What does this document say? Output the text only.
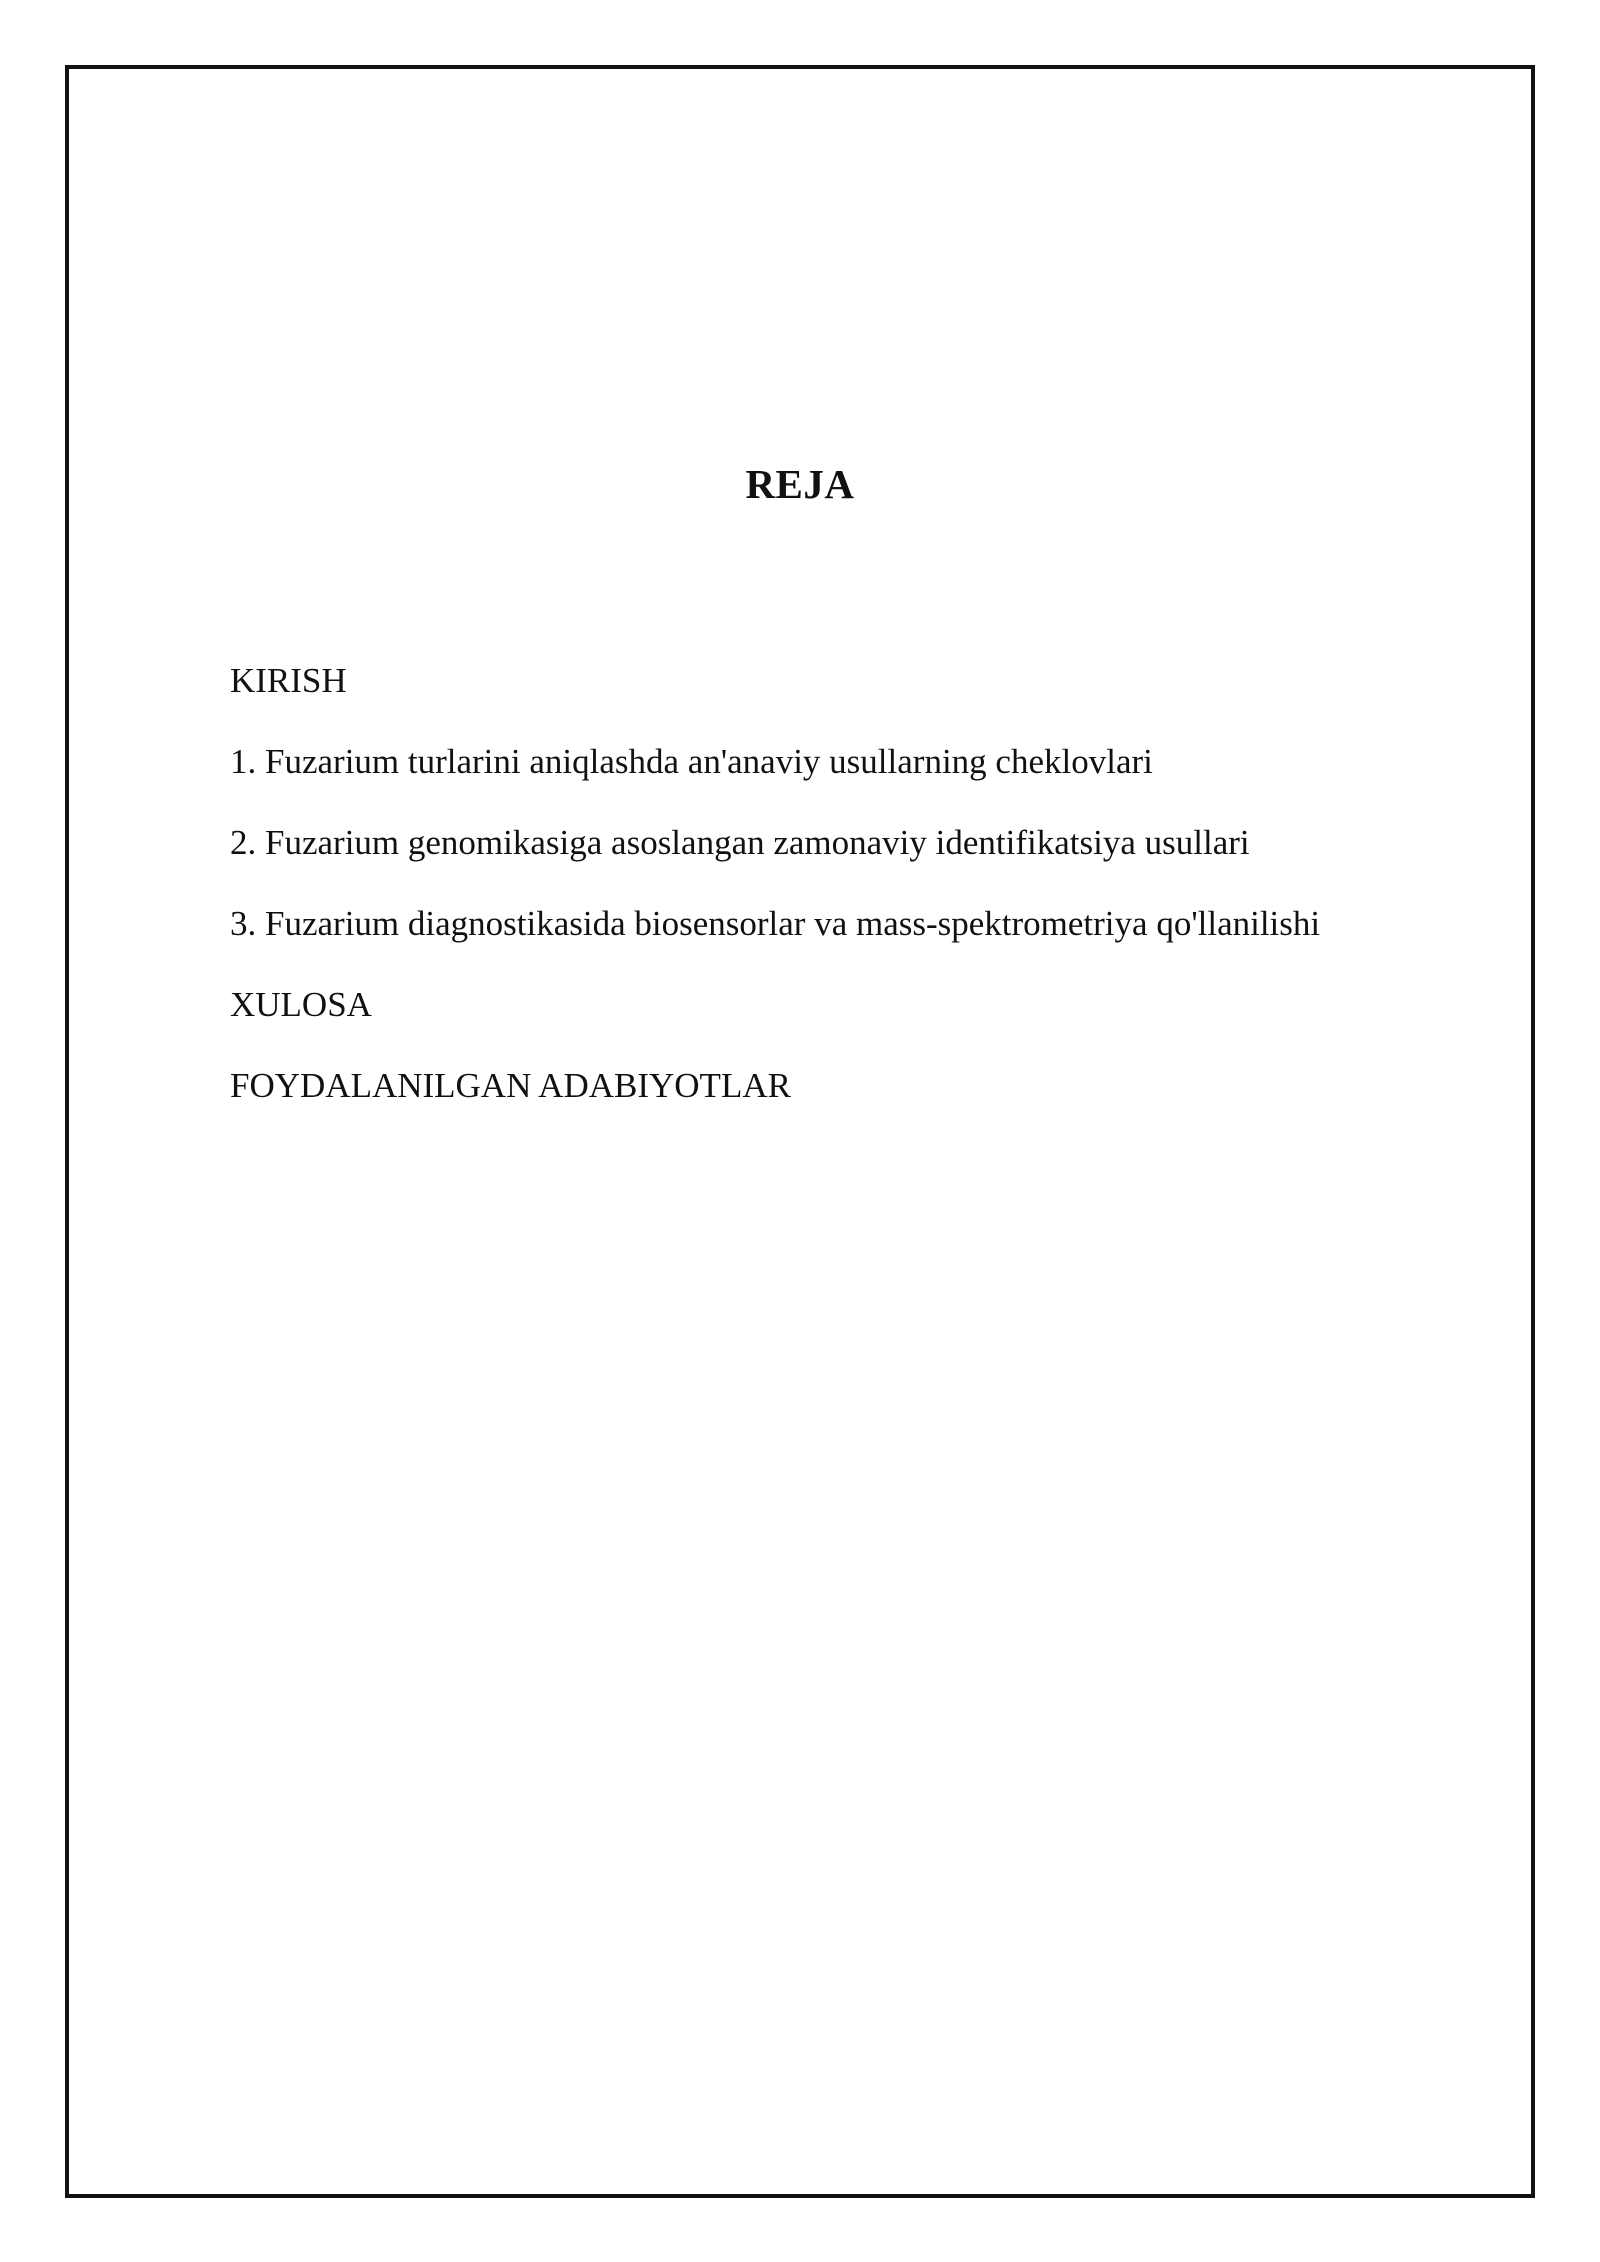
REJA
KIRISH
1. Fuzarium turlarini aniqlashda an'anaviy usullarning cheklovlari
2. Fuzarium genomikasiga asoslangan zamonaviy identifikatsiya usullari
3. Fuzarium diagnostikasida biosensorlar va mass-spektrometriya qo'llanilishi
XULOSA
FOYDALANILGAN ADABIYOTLAR
